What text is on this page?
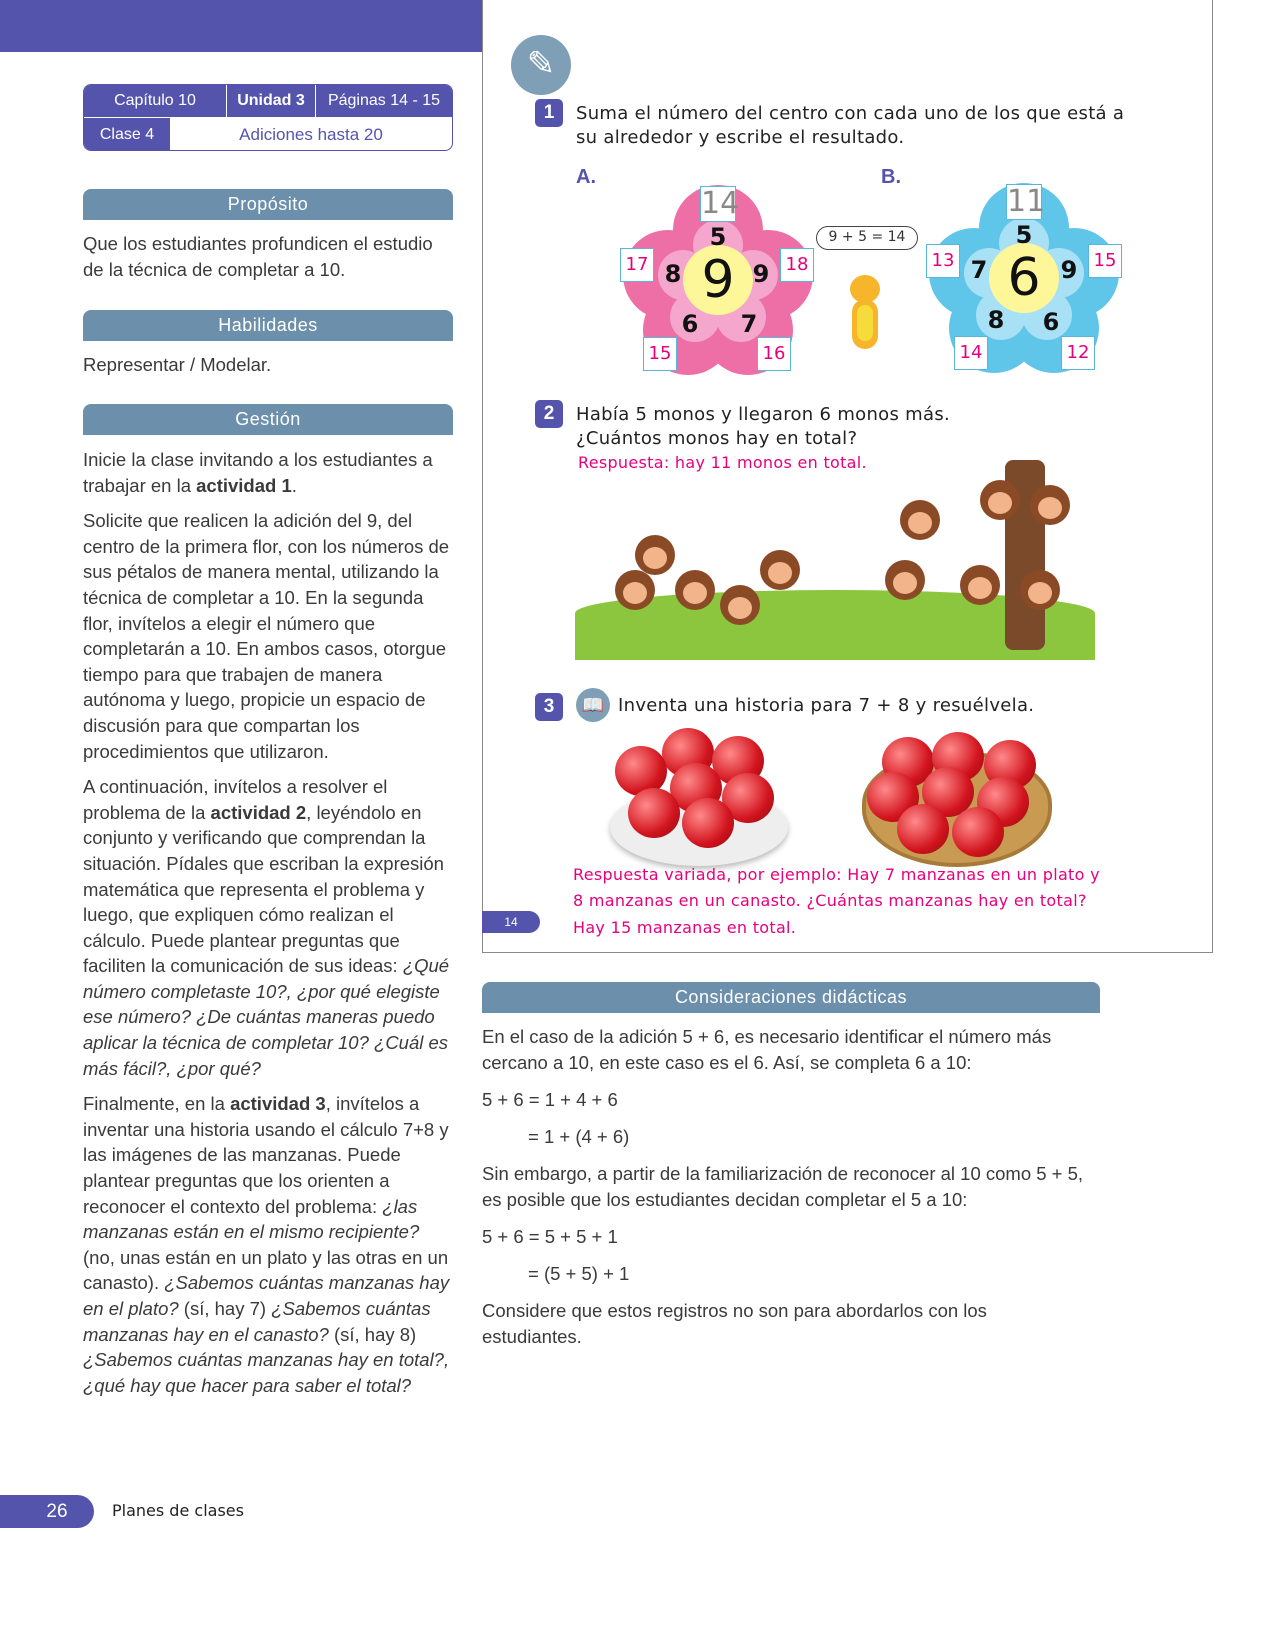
Capítulo 10	Unidad 3	Páginas 14 - 15
Clase 4	Adiciones hasta 20
Propósito
Que los estudiantes profundicen el estudio de la técnica de completar a 10.
Habilidades
Representar / Modelar.
Gestión

Inicie la clase invitando a los estudiantes a trabajar en la actividad 1.

Solicite que realicen la adición del 9, del centro de la primera flor, con los números de sus pétalos de manera mental, utilizando la técnica de completar a 10. En la segunda flor, invítelos a elegir el número que completarán a 10. En ambos casos, otorgue tiempo para que trabajen de manera autónoma y luego, propicie un espacio de discusión para que compartan los procedimientos que utilizaron.

A continuación, invítelos a resolver el problema de la actividad 2, leyéndolo en conjunto y verificando que comprendan la situación. Pídales que escriban la expresión matemática que representa el problema y luego, que expliquen cómo realizan el cálculo. Puede plantear preguntas que faciliten la comunicación de sus ideas: ¿Qué número completaste 10?, ¿por qué elegiste ese número? ¿De cuántas maneras puedo aplicar la técnica de completar 10? ¿Cuál es más fácil?, ¿por qué?

Finalmente, en la actividad 3, invítelos a inventar una historia usando el cálculo 7+8 y las imágenes de las manzanas. Puede plantear preguntas que los orienten a reconocer el contexto del problema: ¿las manzanas están en el mismo recipiente? (no, unas están en un plato y las otras en un canasto). ¿Sabemos cuántas manzanas hay en el plato? (sí, hay 7) ¿Sabemos cuántas manzanas hay en el canasto? (sí, hay 8) ¿Sabemos cuántas manzanas hay en total?, ¿qué hay que hacer para saber el total?

✎
1	Suma el número del centro con cada uno de los que está a su alrededor y escribe el resultado.
A.	B.
9
5
8	9
6 7
14
17	18
15	16
9 + 5 = 14
6
5
7	9
8 6
11
13	15
14	12
2	Había 5 monos y llegaron 6 monos más. ¿Cuántos monos hay en total?
Respuesta: hay 11 monos en total.
3	📖 Inventa una historia para 7 + 8 y resuélvela.
Respuesta variada, por ejemplo: Hay 7 manzanas en un plato y 8 manzanas en un canasto. ¿Cuántas manzanas hay en total?
Hay 15 manzanas en total.
14
Consideraciones didácticas
En el caso de la adición 5 + 6, es necesario identificar el número más cercano a 10, en este caso es el 6. Así, se completa 6 a 10:
5 + 6 = 1 + 4 + 6
= 1 + (4 + 6)
Sin embargo, a partir de la familiarización de reconocer al 10 como 5 + 5, es posible que los estudiantes decidan completar el 5 a 10:
5 + 6 = 5 + 5 + 1
= (5 + 5) + 1
Considere que estos registros no son para abordarlos con los estudiantes.
26	Planes de clases
